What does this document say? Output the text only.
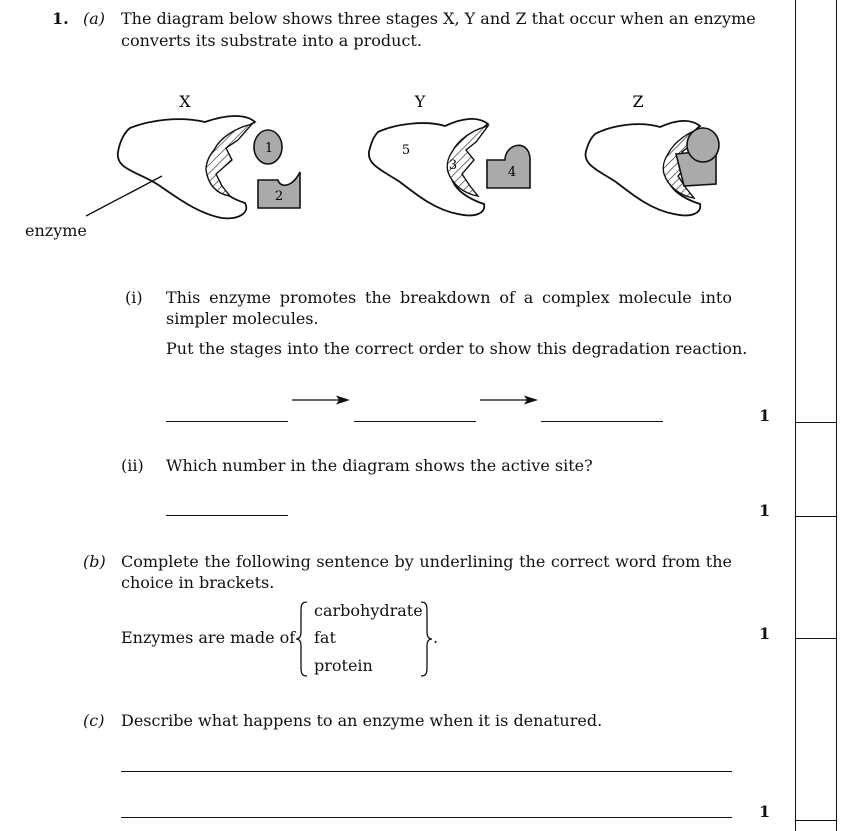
1. (a) The diagram below shows three stages X, Y and Z that occur when an enzyme
converts its substrate into a product.
X	Y	Z
1
2
5
3	4
enzyme
(i) This enzyme promotes the breakdown of a complex molecule into
simpler molecules.
Put the stages into the correct order to show this degradation reaction.
1
(ii) Which number in the diagram shows the active site?
1
(b) Complete the following sentence by underlining the correct word from the
choice in brackets.
Enzymes are made of
carbohydrate
fat
protein
.	1
(c) Describe what happens to an enzyme when it is denatured.
1
